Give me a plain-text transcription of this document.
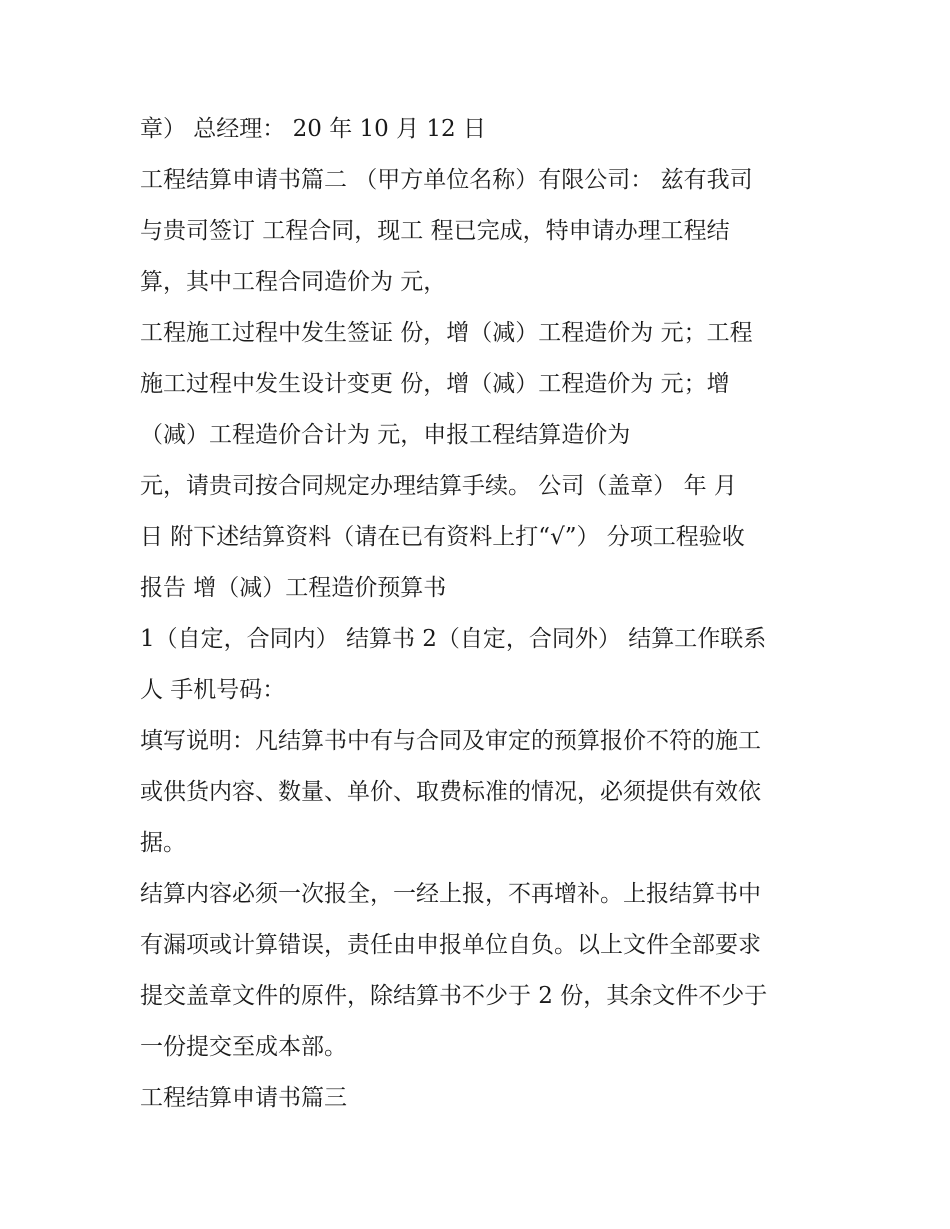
章） 总经理： 20 年 10 月 12 日
工程结算申请书篇二 （甲方单位名称）有限公司： 兹有我司
与贵司签订 工程合同，现工 程已完成，特申请办理工程结
算，其中工程合同造价为 元，
工程施工过程中发生签证 份，增（减）工程造价为 元；工程
施工过程中发生设计变更 份，增（减）工程造价为 元；增
（减）工程造价合计为 元，申报工程结算造价为
元，请贵司按合同规定办理结算手续。 公司（盖章） 年 月
日 附下述结算资料（请在已有资料上打“√”） 分项工程验收
报告 增（减）工程造价预算书
1（自定，合同内） 结算书 2（自定，合同外） 结算工作联系
人 手机号码：
填写说明：凡结算书中有与合同及审定的预算报价不符的施工
或供货内容、数量、单价、取费标准的情况，必须提供有效依
据。
结算内容必须一次报全，一经上报，不再增补。上报结算书中
有漏项或计算错误，责任由申报单位自负。以上文件全部要求
提交盖章文件的原件，除结算书不少于 2 份，其余文件不少于
一份提交至成本部。
工程结算申请书篇三
